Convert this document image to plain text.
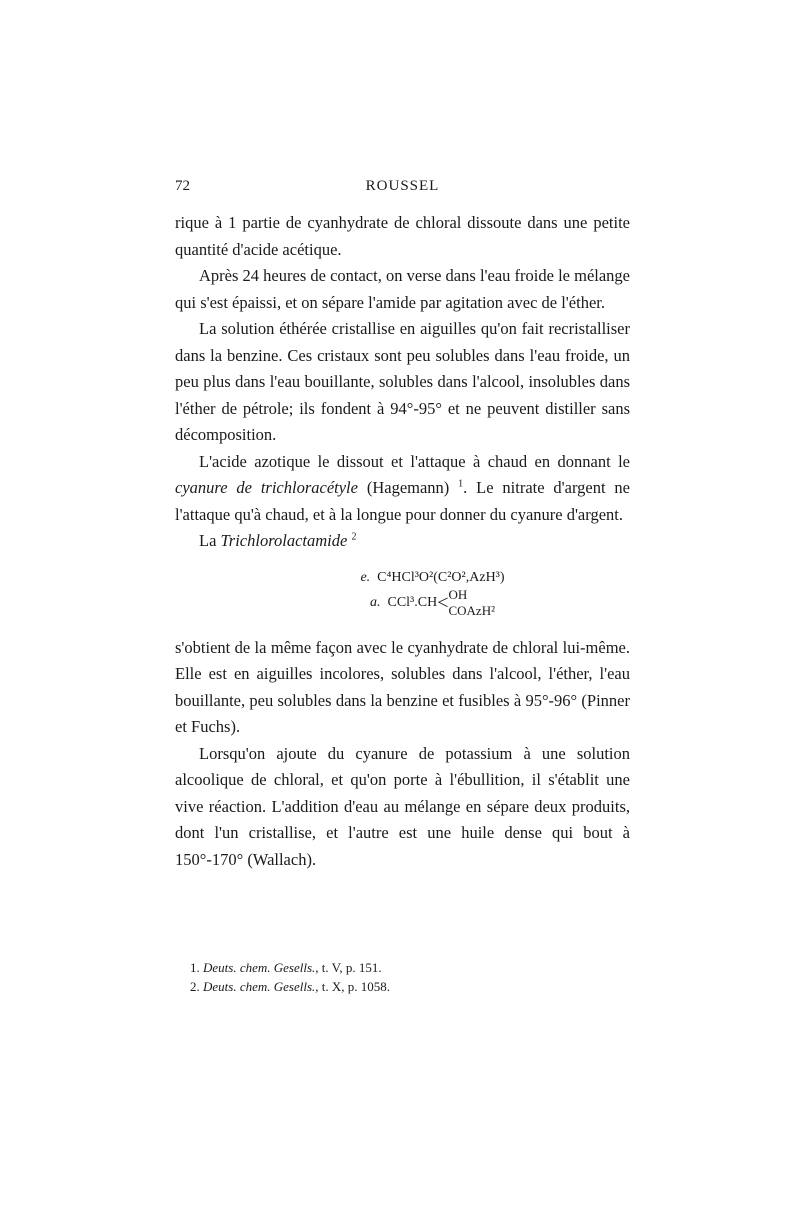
72	ROUSSEL

rique à 1 partie de cyanhydrate de chloral dissoute dans une petite quantité d'acide acétique.

Après 24 heures de contact, on verse dans l'eau froide le mélange qui s'est épaissi, et on sépare l'amide par agitation avec de l'éther.

La solution éthérée cristallise en aiguilles qu'on fait recristalliser dans la benzine. Ces cristaux sont peu solubles dans l'eau froide, un peu plus dans l'eau bouillante, solubles dans l'alcool, insolubles dans l'éther de pétrole; ils fondent à 94°-95° et ne peuvent distiller sans décomposition.

L'acide azotique le dissout et l'attaque à chaud en donnant le cyanure de trichloracétyle (Hagemann) $^1$. Le nitrate d'argent ne l'attaque qu'à chaud, et à la longue pour donner du cyanure d'argent.

La Trichlorolactamide $^2$

e. C⁴HCl³O²(C²O²,AzH³)
a. CCl³.CH< OH
COAzH²

s'obtient de la même façon avec le cyanhydrate de chloral lui-même. Elle est en aiguilles incolores, solubles dans l'alcool, l'éther, l'eau bouillante, peu solubles dans la benzine et fusibles à 95°-96° (Pinner et Fuchs).

Lorsqu'on ajoute du cyanure de potassium à une solution alcoolique de chloral, et qu'on porte à l'ébullition, il s'établit une vive réaction. L'addition d'eau au mélange en sépare deux produits, dont l'un cristallise, et l'autre est une huile dense qui bout à 150°-170° (Wallach).

1. Deuts. chem. Gesells., t. V, p. 151.

2. Deuts. chem. Gesells., t. X, p. 1058.
